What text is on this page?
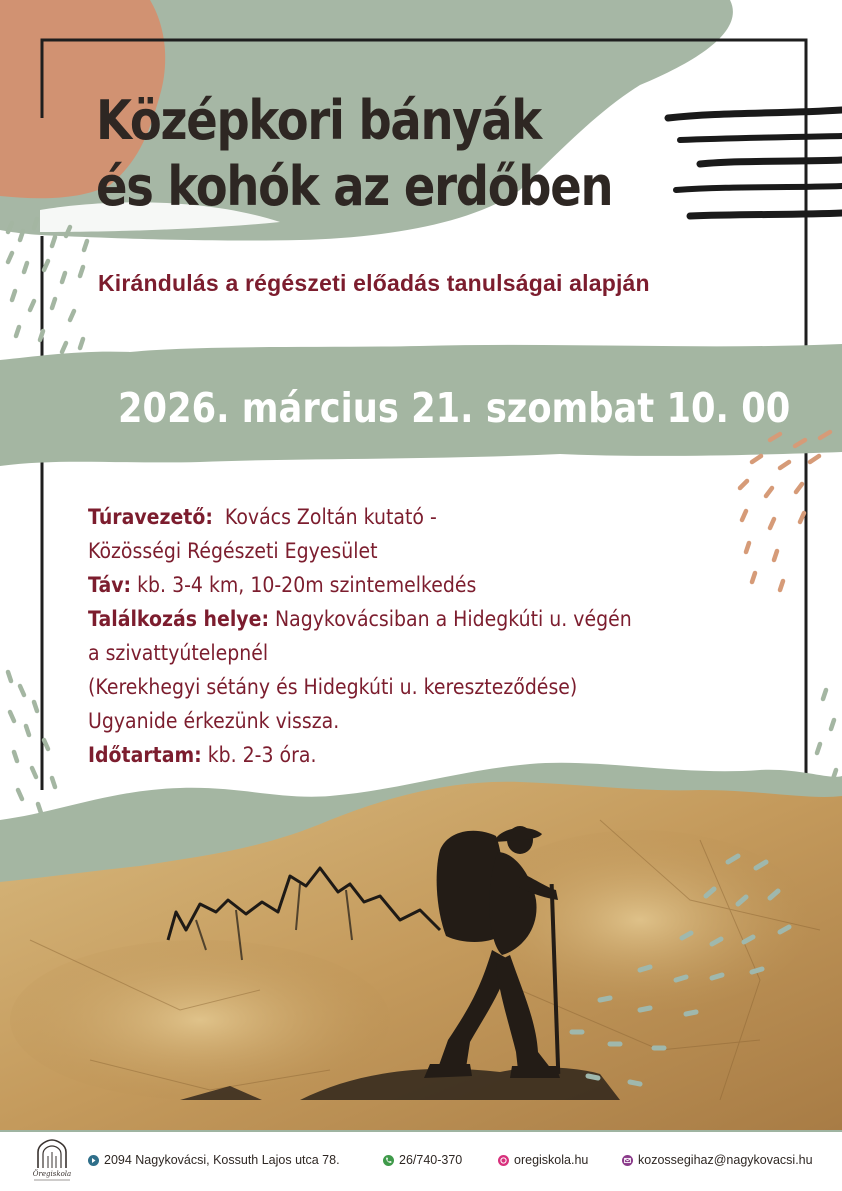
Középkori bányák
és kohók az erdőben
Kirándulás a régészeti előadás tanulságai alapján
2026. március 21. szombat 10. 00
Túravezető:  Kovács Zoltán kutató -
Közösségi Régészeti Egyesület
Táv: kb. 3-4 km, 10-20m szintemelkedés
Találkozás helye: Nagykovácsiban a Hidegkúti u. végén
a szivattyútelepnél
(Kerekhegyi sétány és Hidegkúti u. kereszteződése)
Ugyanide érkezünk vissza.
Időtartam: kb. 2-3 óra.
Öregiskola
2094 Nagykovácsi, Kossuth Lajos utca 78.	26/740-370	oregiskola.hu	kozossegihaz@nagykovacsi.hu
